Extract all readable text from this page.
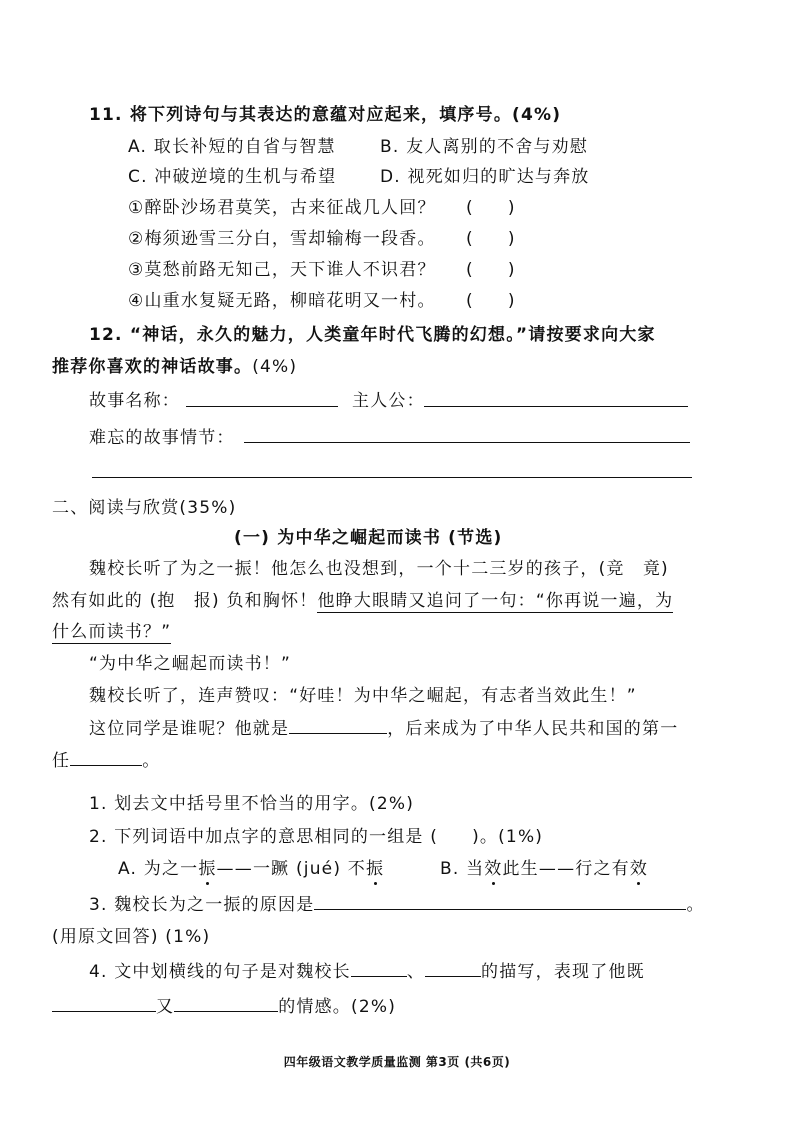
11. 将下列诗句与其表达的意蕴对应起来，填序号。(4%)
A. 取长补短的自省与智慧	B. 友人离别的不舍与劝慰
C. 冲破逆境的生机与希望	D. 视死如归的旷达与奔放
①醉卧沙场君莫笑，古来征战几人回？ ( )
②梅须逊雪三分白，雪却输梅一段香。 ( )
③莫愁前路无知己，天下谁人不识君？ ( )
④山重水复疑无路，柳暗花明又一村。 ( )
12. “神话，永久的魅力，人类童年时代飞腾的幻想。”请按要求向大家
推荐你喜欢的神话故事。(4%)
故事名称：	主人公：
难忘的故事情节：
二、阅读与欣赏(35%)
(一) 为中华之崛起而读书 (节选)
魏校长听了为之一振！他怎么也没想到，一个十二三岁的孩子，(竞　竟)
然有如此的 (抱　报) 负和胸怀！他睁大眼睛又追问了一句：“你再说一遍，为
什么而读书？”
“为中华之崛起而读书！”
魏校长听了，连声赞叹：“好哇！为中华之崛起，有志者当效此生！”
这位同学是谁呢？他就是	，后来成为了中华人民共和国的第一
任	。
1. 划去文中括号里不恰当的用字。(2%)
2. 下列词语中加点字的意思相同的一组是 ( )。(1%)
A. 为之一振——一蹶 (jué) 不振	B. 当效此生——行之有效
3. 魏校长为之一振的原因是	。
(用原文回答) (1%)
4. 文中划横线的句子是对魏校长	、	的描写，表现了他既
又	的情感。(2%)
四年级语文教学质量监测 第3页 (共6页)
